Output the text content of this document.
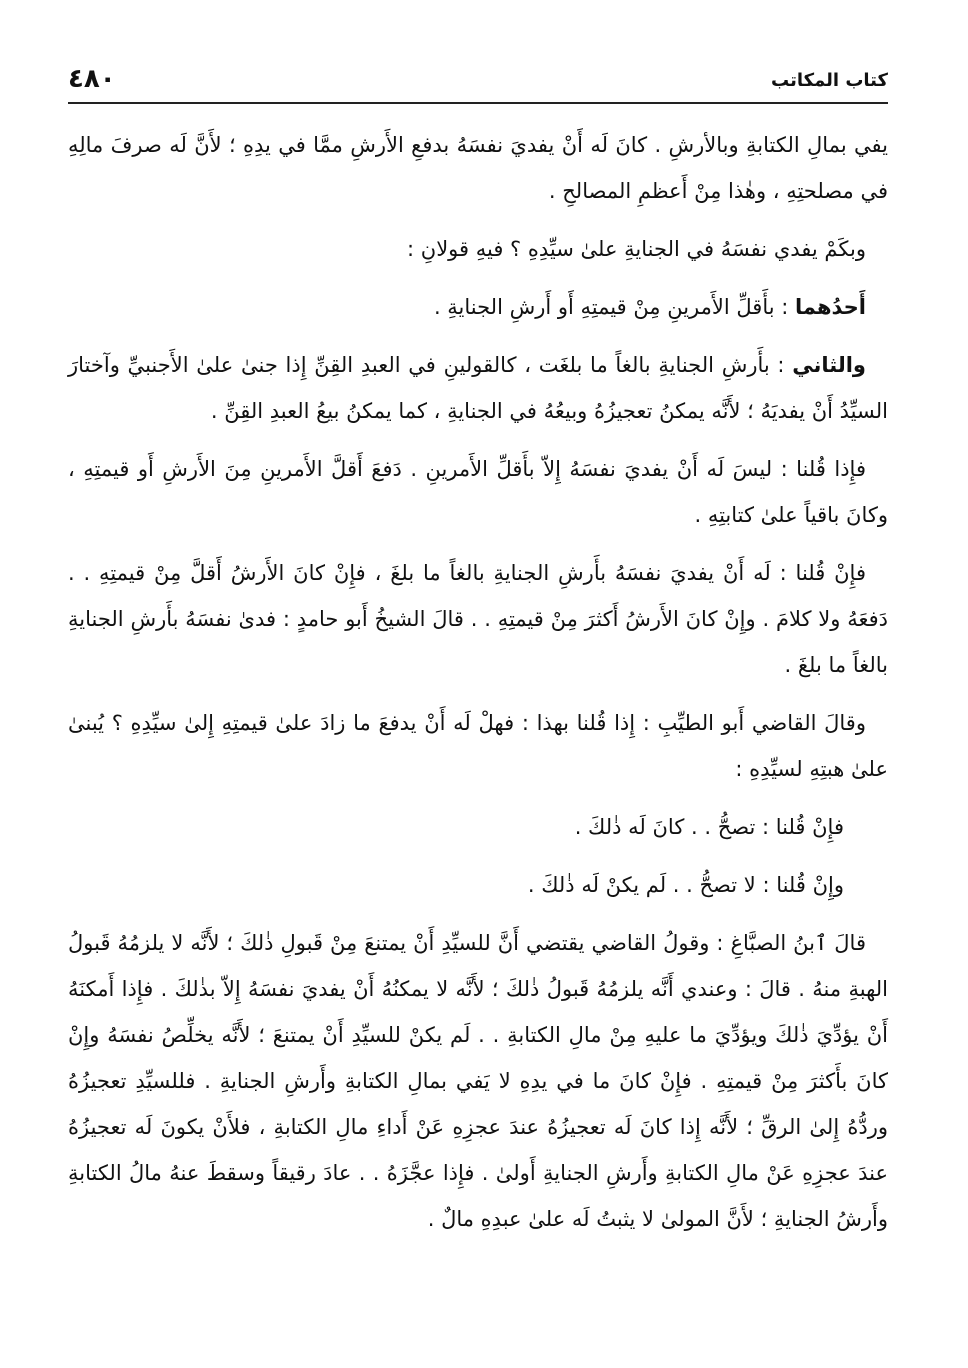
كتاب المكاتب
٤٨٠

يفي بمالِ الكتابةِ وبالأرشِ . كانَ لَه أَنْ يفديَ نفسَهُ بدفعِ الأَرشِ ممَّا في يدِهِ ؛ لأَنَّ لَه صرفَ مالِهِ في مصلحتِهِ ، وهٰذا مِنْ أَعظمِ المصالحِ .

وبكَمْ يفدي نفسَهُ في الجنايةِ علىٰ سيِّدِهِ ؟ فيهِ قولانِ :

أَحدُهما : بأَقلِّ الأَمرينِ مِنْ قيمتِهِ أَو أَرشِ الجنايةِ .

والثاني : بأَرشِ الجنايةِ بالغاً ما بلغَت ، كالقولينِ في العبدِ القِنِّ إِذا جنىٰ علىٰ الأَجنبيِّ وآختارَ السيِّدُ أَنْ يفديَهُ ؛ لأَنَّه يمكنُ تعجيزُهُ وبيعُهُ في الجنايةِ ، كما يمكنُ بيعُ العبدِ القِنِّ .

فإِذا قُلنا : ليسَ لَه أَنْ يفديَ نفسَهُ إِلاّ بأَقلِّ الأَمرينِ . دَفعَ أَقلَّ الأَمرينِ مِنَ الأَرشِ أَو قيمتِهِ ، وكانَ باقياً علىٰ كتابتِهِ .

فإِنْ قُلنا : لَه أَنْ يفديَ نفسَهُ بأَرشِ الجنايةِ بالغاً ما بلغَ ، فإِنْ كانَ الأَرشُ أَقلَّ مِنْ قيمتِهِ . . دَفعَهُ ولا كلامَ . وإِنْ كانَ الأَرشُ أَكثرَ مِنْ قيمتِهِ . . قالَ الشيخُ أَبو حامدٍ : فدىٰ نفسَهُ بأَرشِ الجنايةِ بالغاً ما بلغَ .

وقالَ القاضي أَبو الطيِّبِ : إِذا قُلنا بهذا : فهلْ لَه أَنْ يدفعَ ما زادَ علىٰ قيمتِهِ إِلىٰ سيِّدِهِ ؟ يُبنىٰ علىٰ هبتِهِ لسيِّدِهِ :

فإِنْ قُلنا : تصحُّ . . كانَ لَه ذٰلكَ .

وإِنْ قُلنا : لا تصحُّ . . لَم يكنْ لَه ذٰلكَ .

قالَ ٱبنُ الصبَّاغِ : وقولُ القاضي يقتضي أَنَّ للسيِّدِ أَنْ يمتنعَ مِنْ قَبولِ ذٰلكَ ؛ لأَنَّه لا يلزمُهُ قَبولُ الهبةِ منهُ . قالَ : وعندي أَنَّه يلزمُهُ قَبولُ ذٰلكَ ؛ لأَنَّه لا يمكنُهُ أَنْ يفديَ نفسَهُ إِلاّ بذٰلكَ . فإِذا أَمكنَهُ أَنْ يؤدِّيَ ذٰلكَ ويؤدِّيَ ما عليهِ مِنْ مالِ الكتابةِ . . لَم يكنْ للسيِّدِ أَنْ يمتنعَ ؛ لأَنَّه يخلِّصُ نفسَهُ وإِنْ كانَ بأَكثرَ مِنْ قيمتِهِ . فإِنْ كانَ ما في يدِهِ لا يَفي بمالِ الكتابةِ وأَرشِ الجنايةِ . فللسيِّدِ تعجيزُهُ وردُّهُ إِلىٰ الرقِّ ؛ لأَنَّه إِذا كانَ لَه تعجيزُهُ عندَ عجزِهِ عَنْ أَداءِ مالِ الكتابةِ ، فلأَنْ يكونَ لَه تعجيزُهُ عندَ عجزِهِ عَنْ مالِ الكتابةِ وأَرشِ الجنايةِ أَولىٰ . فإِذا عجَّزَهُ . . عادَ رقيقاً وسقطَ عنهُ مالُ الكتابةِ وأَرشُ الجنايةِ ؛ لأَنَّ المولىٰ لا يثبتُ لَه علىٰ عبدِهِ مالٌ .
